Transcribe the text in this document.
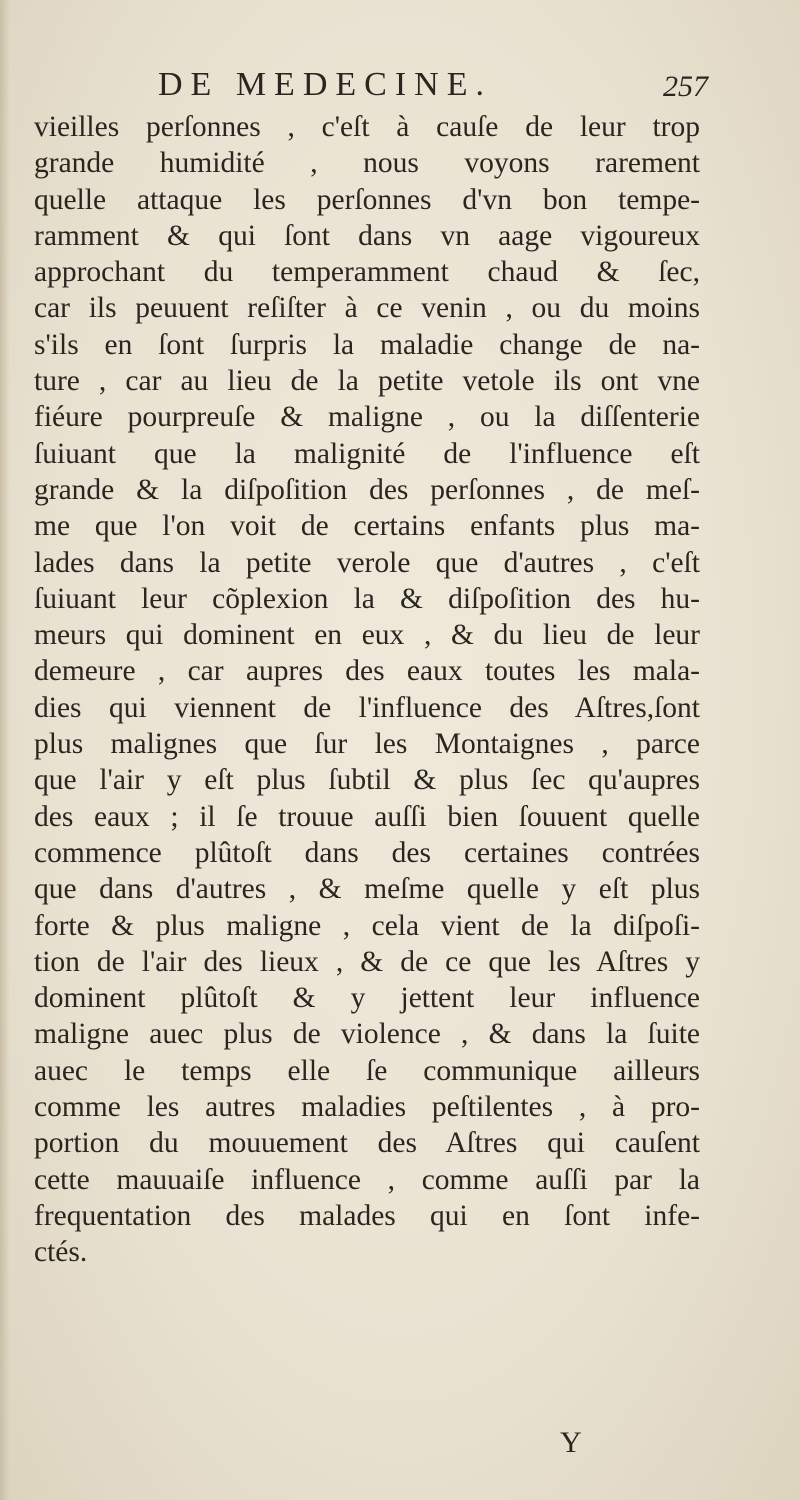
DE MEDECINE.	257
vieilles perſonnes , c'eſt à cauſe de leur trop
grande humidité , nous voyons rarement
quelle attaque les perſonnes d'vn bon tempe-
ramment & qui ſont dans vn aage vigoureux
approchant du temperamment chaud & ſec,
car ils peuuent reſiſter à ce venin , ou du moins
s'ils en ſont ſurpris la maladie change de na-
ture , car au lieu de la petite vetole ils ont vne
fiéure pourpreuſe & maligne , ou la diſſenterie
ſuiuant que la malignité de l'influence eſt
grande & la diſpoſition des perſonnes , de meſ-
me que l'on voit de certains enfants plus ma-
lades dans la petite verole que d'autres , c'eſt
ſuiuant leur cõplexion la & diſpoſition des hu-
meurs qui dominent en eux , & du lieu de leur
demeure , car aupres des eaux toutes les mala-
dies qui viennent de l'influence des Aſtres,ſont
plus malignes que ſur les Montaignes , parce
que l'air y eſt plus ſubtil & plus ſec qu'aupres
des eaux ; il ſe trouue auſſi bien ſouuent quelle
commence plûtoſt dans des certaines contrées
que dans d'autres , & meſme quelle y eſt plus
forte & plus maligne , cela vient de la diſpoſi-
tion de l'air des lieux , & de ce que les Aſtres y
dominent plûtoſt & y jettent leur influence
maligne auec plus de violence , & dans la ſuite
auec le temps elle ſe communique ailleurs
comme les autres maladies peſtilentes , à pro-
portion du mouuement des Aſtres qui cauſent
cette mauuaiſe influence , comme auſſi par la
frequentation des malades qui en ſont infe-
ctés.
Y
